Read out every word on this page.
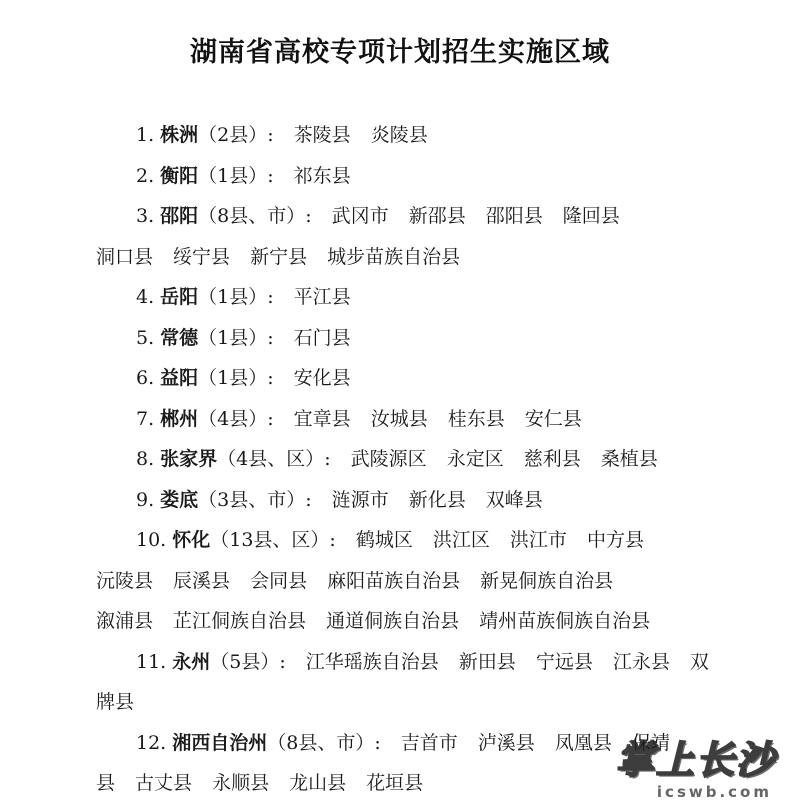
湖南省高校专项计划招生实施区域
1. 株洲（2县）: 茶陵县 炎陵县
2. 衡阳（1县）: 祁东县
3. 邵阳（8县、市）: 武冈市 新邵县 邵阳县 隆回县
洞口县 绥宁县 新宁县 城步苗族自治县
4. 岳阳（1县）: 平江县
5. 常德（1县）: 石门县
6. 益阳（1县）: 安化县
7. 郴州（4县）: 宜章县 汝城县 桂东县 安仁县
8. 张家界（4县、区）: 武陵源区 永定区 慈利县 桑植县
9. 娄底（3县、市）: 涟源市 新化县 双峰县
10. 怀化（13县、区）: 鹤城区 洪江区 洪江市 中方县
沅陵县 辰溪县 会同县 麻阳苗族自治县 新晃侗族自治县
溆浦县 芷江侗族自治县 通道侗族自治县 靖州苗族侗族自治县
11. 永州（5县）: 江华瑶族自治县 新田县 宁远县 江永县 双
牌县
12. 湘西自治州（8县、市）: 吉首市 泸溪县 凤凰县 保靖
县 古丈县 永顺县 龙山县 花垣县
掌上长沙
icswb.com
